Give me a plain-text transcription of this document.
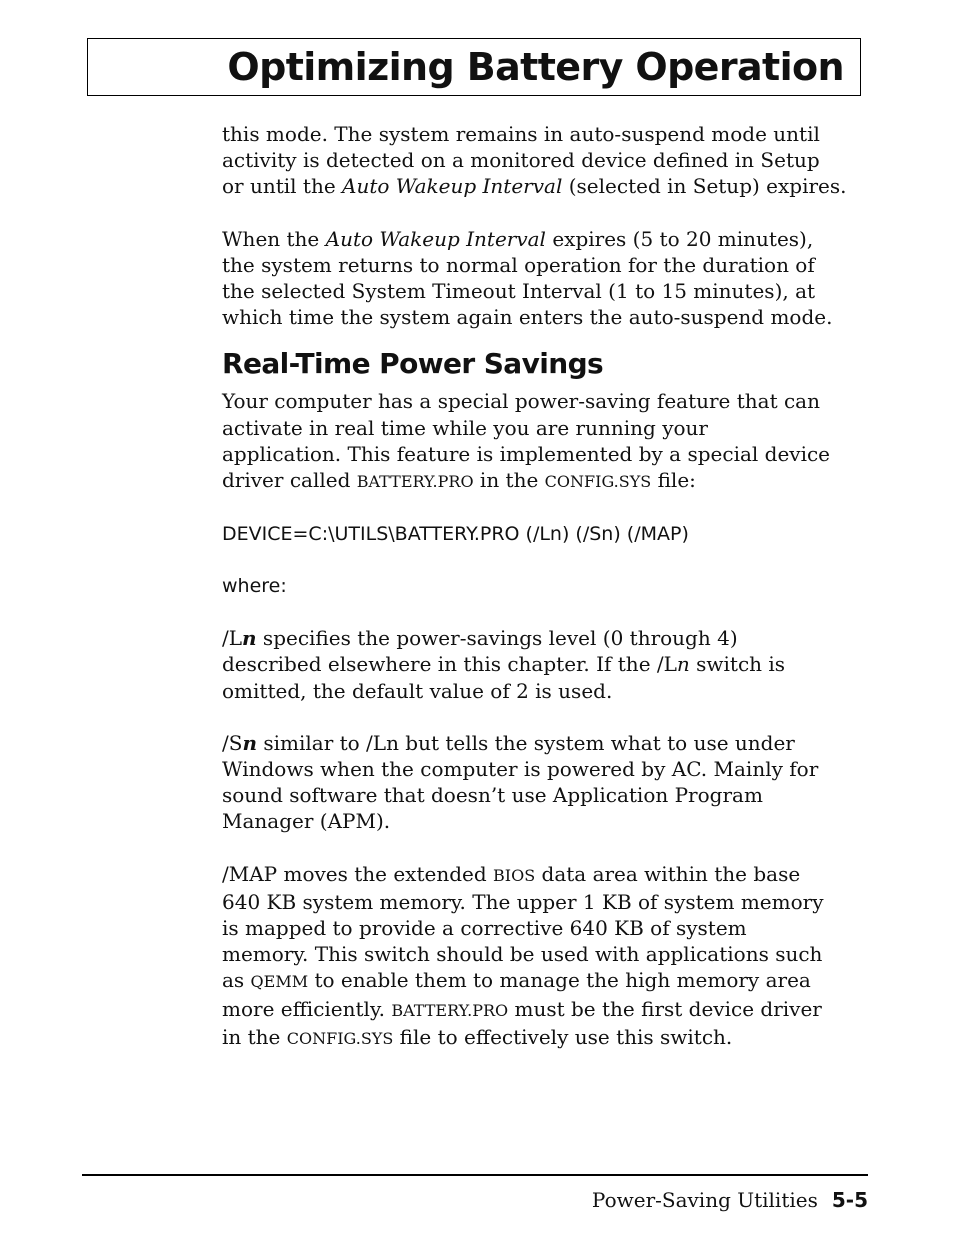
Optimizing Battery Operation

this mode. The system remains in auto-suspend mode until

activity is detected on a monitored device defined in Setup

or until the Auto Wakeup Interval (selected in Setup) expires.

When the Auto Wakeup Interval expires (5 to 20 minutes),

the system returns to normal operation for the duration of

the selected System Timeout Interval (1 to 15 minutes), at

which time the system again enters the auto-suspend mode.

Real-Time Power Savings

Your computer has a special power-saving feature that can

activate in real time while you are running your

application. This feature is implemented by a special device

driver called BATTERY.PRO in the CONFIG.SYS file:

DEVICE=C:\UTILS\BATTERY.PRO (/Ln) (/Sn) (/MAP)

where:

/Ln specifies the power-savings level (0 through 4)

described elsewhere in this chapter. If the /Ln switch is

omitted, the default value of 2 is used.

/Sn similar to /Ln but tells the system what to use under

Windows when the computer is powered by AC. Mainly for

sound software that doesn’t use Application Program

Manager (APM).

/MAP moves the extended BIOS data area within the base

640 KB system memory. The upper 1 KB of system memory

is mapped to provide a corrective 640 KB of system

memory. This switch should be used with applications such

as QEMM to enable them to manage the high memory area

more efficiently. BATTERY.PRO must be the first device driver

in the CONFIG.SYS file to effectively use this switch.

Power-Saving Utilities 5-5
